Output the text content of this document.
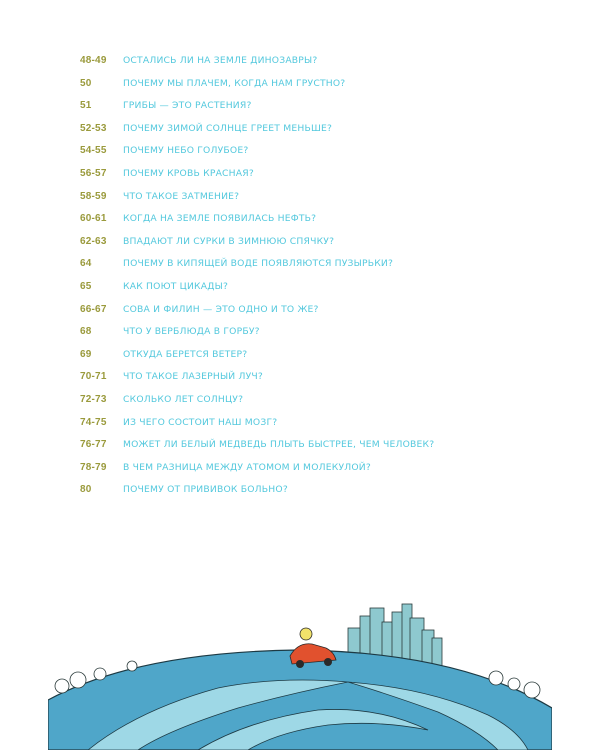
48-49	ОСТАЛИСЬ ЛИ НА ЗЕМЛЕ ДИНОЗАВРЫ?
50	ПОЧЕМУ МЫ ПЛАЧЕМ, КОГДА НАМ ГРУСТНО?
51	ГРИБЫ — ЭТО РАСТЕНИЯ?
52-53	ПОЧЕМУ ЗИМОЙ СОЛНЦЕ ГРЕЕТ МЕНЬШЕ?
54-55	ПОЧЕМУ НЕБО ГОЛУБОЕ?
56-57	ПОЧЕМУ КРОВЬ КРАСНАЯ?
58-59	ЧТО ТАКОЕ ЗАТМЕНИЕ?
60-61	КОГДА НА ЗЕМЛЕ ПОЯВИЛАСЬ НЕФТЬ?
62-63	ВПАДАЮТ ЛИ СУРКИ В ЗИМНЮЮ СПЯЧКУ?
64	ПОЧЕМУ В КИПЯЩЕЙ ВОДЕ ПОЯВЛЯЮТСЯ ПУЗЫРЬКИ?
65	КАК ПОЮТ ЦИКАДЫ?
66-67	СОВА И ФИЛИН — ЭТО ОДНО И ТО ЖЕ?
68	ЧТО У ВЕРБЛЮДА В ГОРБУ?
69	ОТКУДА БЕРЕТСЯ ВЕТЕР?
70-71	ЧТО ТАКОЕ ЛАЗЕРНЫЙ ЛУЧ?
72-73	СКОЛЬКО ЛЕТ СОЛНЦУ?
74-75	ИЗ ЧЕГО СОСТОИТ НАШ МОЗГ?
76-77	МОЖЕТ ЛИ БЕЛЫЙ МЕДВЕДЬ ПЛЫТЬ БЫСТРЕЕ, ЧЕМ ЧЕЛОВЕК?
78-79	В ЧЕМ РАЗНИЦА МЕЖДУ АТОМОМ И МОЛЕКУЛОЙ?
80	ПОЧЕМУ ОТ ПРИВИВОК БОЛЬНО?
